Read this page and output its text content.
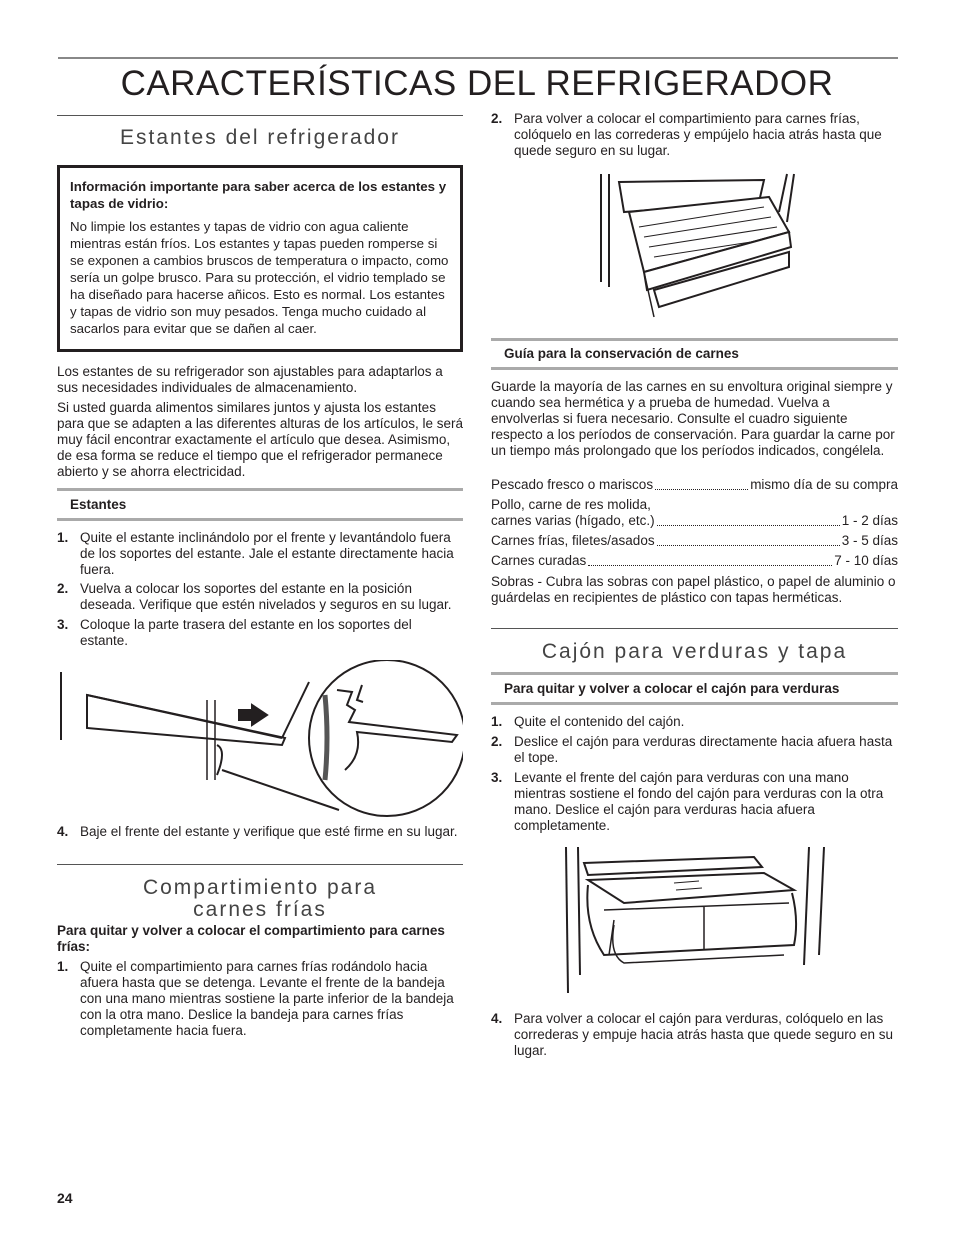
CARACTERÍSTICAS DEL REFRIGERADOR
Estantes del refrigerador

Información importante para saber acerca de los estantes y tapas de vidrio:

No limpie los estantes y tapas de vidrio con agua caliente mientras están fríos. Los estantes y tapas pueden romperse si se exponen a cambios bruscos de temperatura o impacto, como sería un golpe brusco. Para su protección, el vidrio templado se ha diseñado para hacerse añicos. Esto es normal. Los estantes y tapas de vidrio son muy pesados. Tenga mucho cuidado al sacarlos para evitar que se dañen al caer.

Los estantes de su refrigerador son ajustables para adaptarlos a sus necesidades individuales de almacenamiento.

Si usted guarda alimentos similares juntos y ajusta los estantes para que se adapten a las diferentes alturas de los artículos, le será muy fácil encontrar exactamente el artículo que desea. Asimismo, de esa forma se reduce el tiempo que el refrigerador permanece abierto y se ahorra electricidad.

Estantes

1. Quite el estante inclinándolo por el frente y levantándolo fuera de los soportes del estante. Jale el estante directamente hacia fuera.
2. Vuelva a colocar los soportes del estante en la posición deseada. Verifique que estén nivelados y seguros en su lugar.
3. Coloque la parte trasera del estante en los soportes del estante.
4. Baje el frente del estante y verifique que esté firme en su lugar.
Compartimiento para
carnes frías

Para quitar y volver a colocar el compartimiento para carnes frías:

1. Quite el compartimiento para carnes frías rodándolo hacia afuera hasta que se detenga. Levante el frente de la bandeja con una mano mientras sostiene la parte inferior de la bandeja con la otra mano. Deslice la bandeja para carnes frías completamente hacia fuera.
2. Para volver a colocar el compartimiento para carnes frías, colóquelo en las correderas y empújelo hacia atrás hasta que quede seguro en su lugar.

Guía para la conservación de carnes

Guarde la mayoría de las carnes en su envoltura original siempre y cuando sea hermética y a prueba de humedad. Vuelva a envolverlas si fuera necesario. Consulte el cuadro siguiente respecto a los períodos de conservación. Para guardar la carne por un tiempo más prolongado que los períodos indicados, congélela.

Pescado fresco o mariscos	mismo día de su compra

Pollo, carne de res molida,

carnes varias (hígado, etc.)	1 - 2 días
Carnes frías, filetes/asados	3 - 5 días
Carnes curadas	7 - 10 días

Sobras - Cubra las sobras con papel plástico, o papel de aluminio o guárdelas en recipientes de plástico con tapas herméticas.

Cajón para verduras y tapa

Para quitar y volver a colocar el cajón para verduras

1. Quite el contenido del cajón.
2. Deslice el cajón para verduras directamente hacia afuera hasta el tope.
3. Levante el frente del cajón para verduras con una mano mientras sostiene el fondo del cajón para verduras con la otra mano. Deslice el cajón para verduras hacia afuera completamente.
4. Para volver a colocar el cajón para verduras, colóquelo en las correderas y empuje hacia atrás hasta que quede seguro en su lugar.
24
